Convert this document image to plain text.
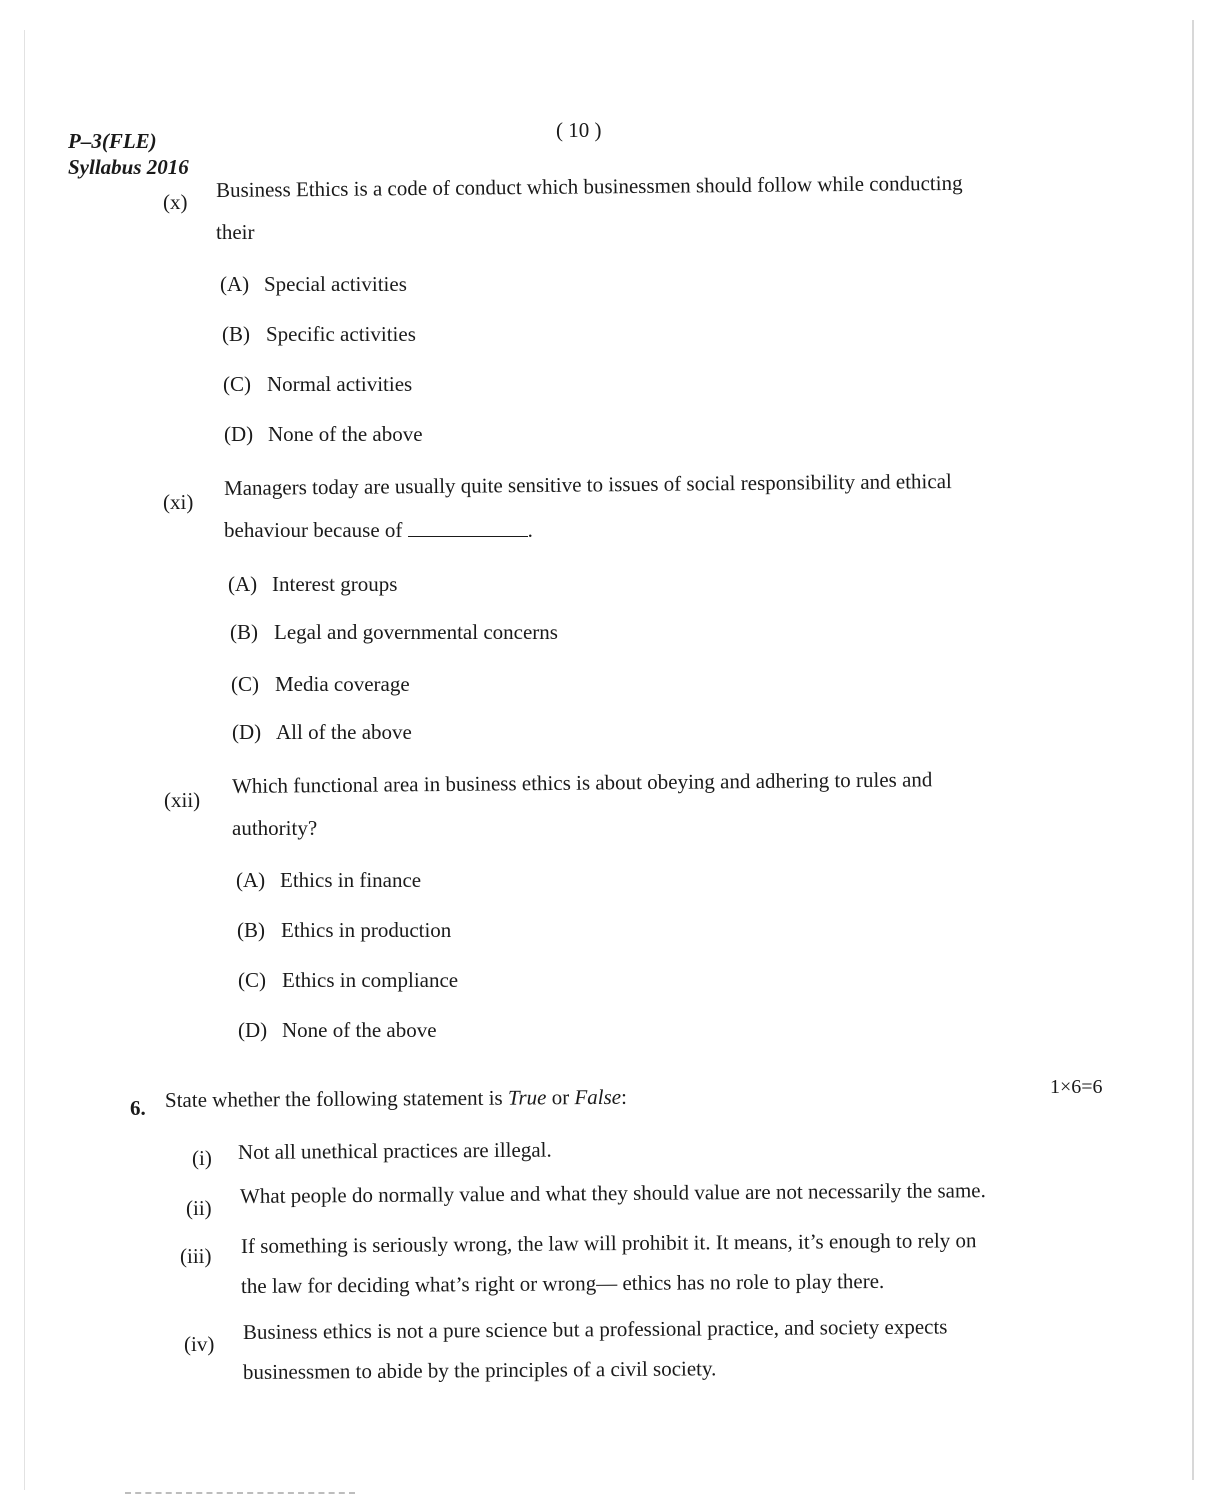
P–3(FLE)
Syllabus 2016
( 10 )
(x)
Business Ethics is a code of conduct which businessmen should follow while conducting
their
(A) Special activities
(B) Specific activities
(C) Normal activities
(D) None of the above
(xi)
Managers today are usually quite sensitive to issues of social responsibility and ethical
behaviour because of	.
(A) Interest groups
(B) Legal and governmental concerns
(C) Media coverage
(D) All of the above
(xii)
Which functional area in business ethics is about obeying and adhering to rules and
authority?
(A) Ethics in finance
(B) Ethics in production
(C) Ethics in compliance
(D) None of the above
6. State whether the following statement is True or False:	1×6=6
(i) Not all unethical practices are illegal.
(ii)
What people do normally value and what they should value are not necessarily the same.
(iii) If something is seriously wrong, the law will prohibit it. It means, it’s enough to rely on
the law for deciding what’s right or wrong— ethics has no role to play there.
(iv)
Business ethics is not a pure science but a professional practice, and society expects
businessmen to abide by the principles of a civil society.
